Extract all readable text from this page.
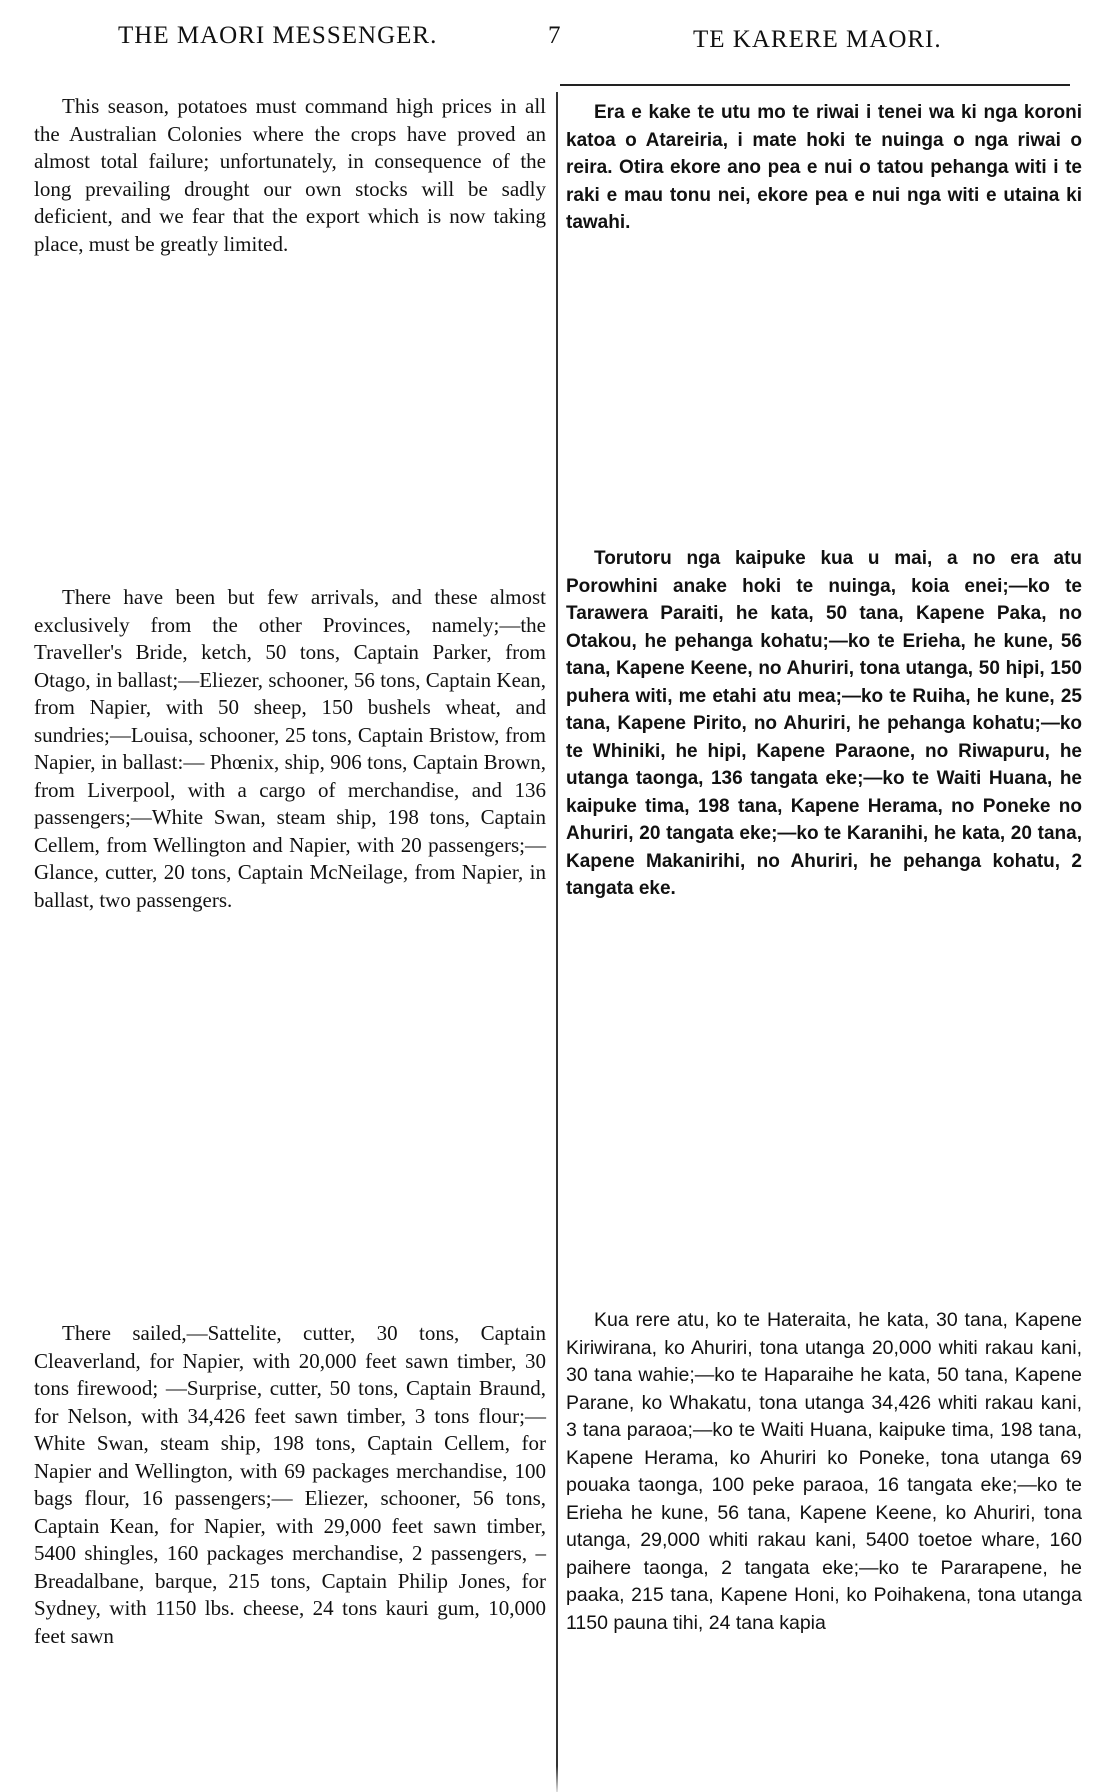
THE MAORI MESSENGER.	7	TE KARERE MAORI.

This season, potatoes must command high prices in all the Australian Colonies where the crops have proved an almost total failure; unfortunately, in consequence of the long prevailing drought our own stocks will be sadly deficient, and we fear that the export which is now taking place, must be greatly limited.

Era e kake te utu mo te riwai i tenei wa ki nga koroni katoa o Atareiria, i mate hoki te nuinga o nga riwai o reira. Otira ekore ano pea e nui o tatou pehanga witi i te raki e mau tonu nei, ekore pea e nui nga witi e utaina ki tawahi.

There have been but few arrivals, and these almost exclusively from the other Provinces, namely;—the Traveller's Bride, ketch, 50 tons, Captain Parker, from Otago, in ballast;—Eliezer, schooner, 56 tons, Captain Kean, from Napier, with 50 sheep, 150 bushels wheat, and sundries;—Louisa, schooner, 25 tons, Captain Bristow, from Napier, in ballast:— Phœnix, ship, 906 tons, Captain Brown, from Liverpool, with a cargo of merchandise, and 136 passengers;—White Swan, steam ship, 198 tons, Captain Cellem, from Wellington and Napier, with 20 passengers;—Glance, cutter, 20 tons, Captain McNeilage, from Napier, in ballast, two passengers.

Torutoru nga kaipuke kua u mai, a no era atu Porowhini anake hoki te nuinga, koia enei;—ko te Tarawera Paraiti, he kata, 50 tana, Kapene Paka, no Otakou, he pehanga kohatu;—ko te Erieha, he kune, 56 tana, Kapene Keene, no Ahuriri, tona utanga, 50 hipi, 150 puhera witi, me etahi atu mea;—ko te Ruiha, he kune, 25 tana, Kapene Pirito, no Ahuriri, he pehanga kohatu;—ko te Whiniki, he hipi, Kapene Paraone, no Riwapuru, he utanga taonga, 136 tangata eke;—ko te Waiti Huana, he kaipuke tima, 198 tana, Kapene Herama, no Poneke no Ahuriri, 20 tangata eke;—ko te Karanihi, he kata, 20 tana, Kapene Makanirihi, no Ahuriri, he pehanga kohatu, 2 tangata eke.

There sailed,—Sattelite, cutter, 30 tons, Captain Cleaverland, for Napier, with 20,000 feet sawn timber, 30 tons firewood; —Surprise, cutter, 50 tons, Captain Braund, for Nelson, with 34,426 feet sawn timber, 3 tons flour;—White Swan, steam ship, 198 tons, Captain Cellem, for Napier and Wellington, with 69 packages merchandise, 100 bags flour, 16 passengers;— Eliezer, schooner, 56 tons, Captain Kean, for Napier, with 29,000 feet sawn timber, 5400 shingles, 160 packages merchandise, 2 passengers, – Breadalbane, barque, 215 tons, Captain Philip Jones, for Sydney, with 1150 lbs. cheese, 24 tons kauri gum, 10,000 feet sawn

Kua rere atu, ko te Hateraita, he kata, 30 tana, Kapene Kiriwirana, ko Ahuriri, tona utanga 20,000 whiti rakau kani, 30 tana wahie;—ko te Haparaihe he kata, 50 tana, Kapene Parane, ko Whakatu, tona utanga 34,426 whiti rakau kani, 3 tana paraoa;—ko te Waiti Huana, kaipuke tima, 198 tana, Kapene Herama, ko Ahuriri ko Poneke, tona utanga 69 pouaka taonga, 100 peke paraoa, 16 tangata eke;—ko te Erieha he kune, 56 tana, Kapene Keene, ko Ahuriri, tona utanga, 29,000 whiti rakau kani, 5400 toetoe whare, 160 paihere taonga, 2 tangata eke;—ko te Pararapene, he paaka, 215 tana, Kapene Honi, ko Poihakena, tona utanga 1150 pauna tihi, 24 tana kapia
